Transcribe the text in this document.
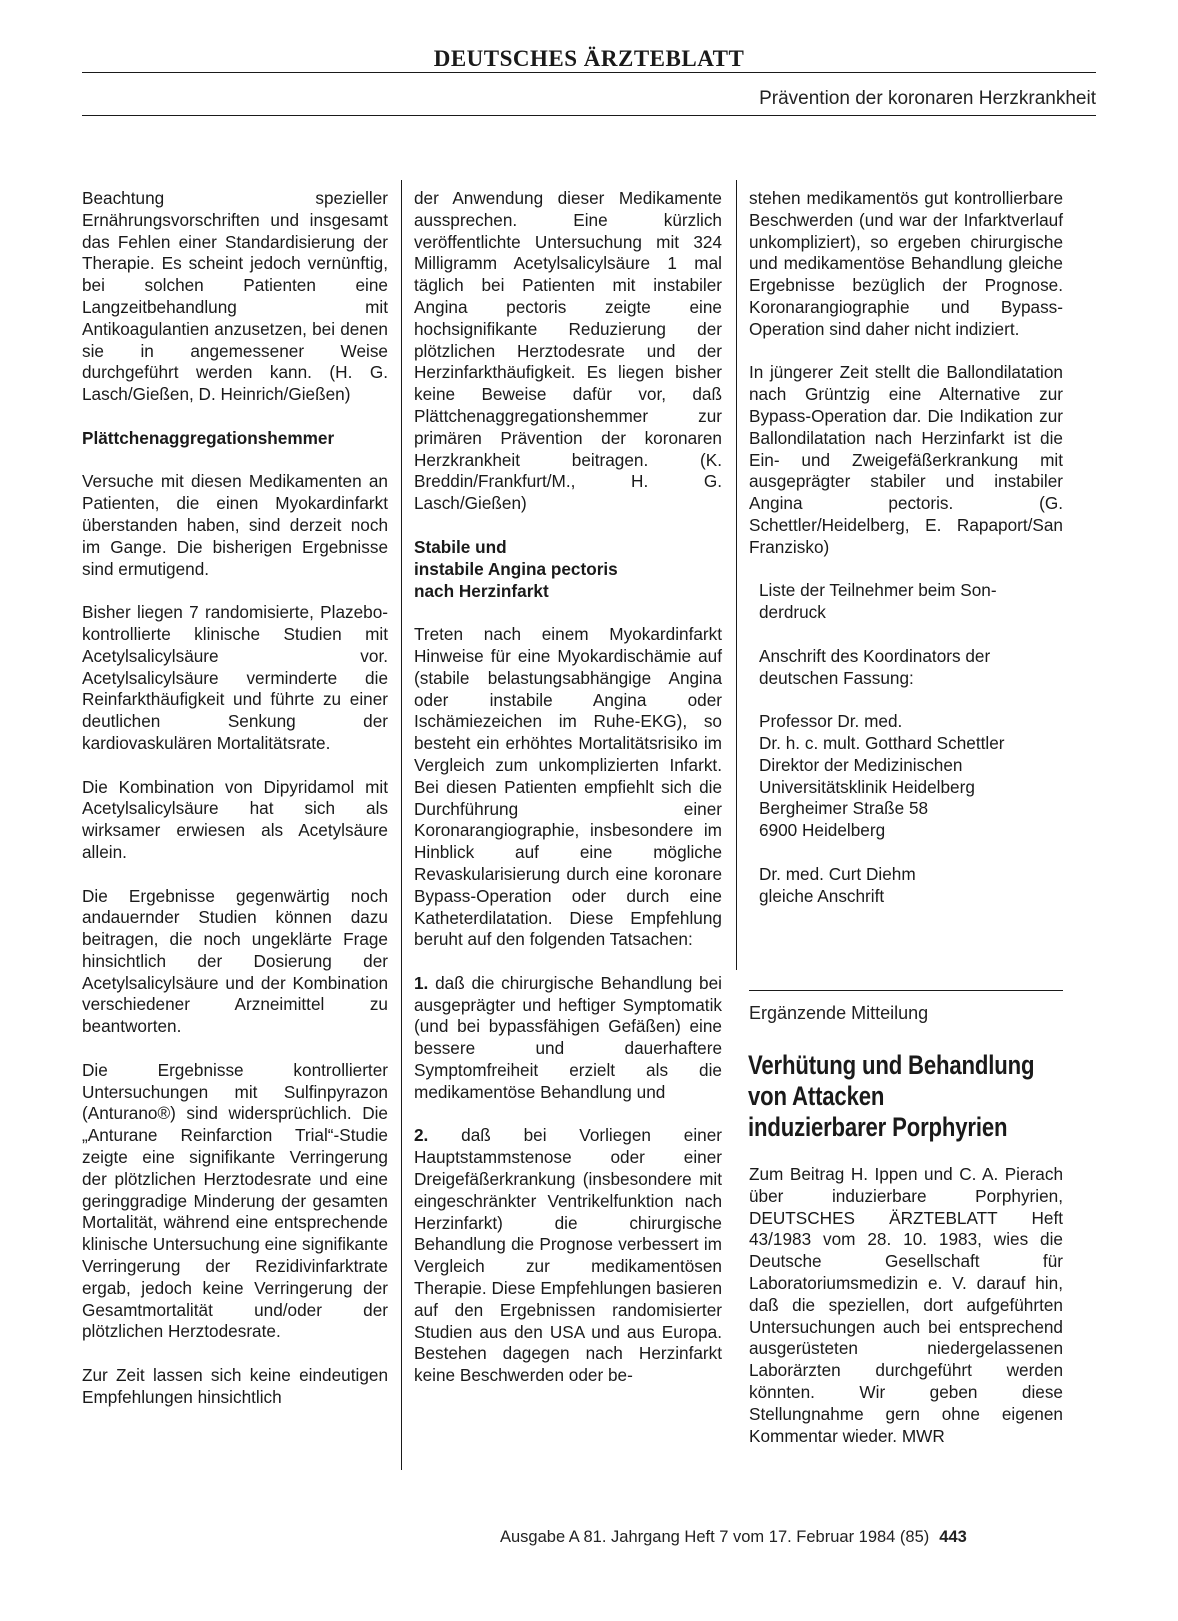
DEUTSCHES ÄRZTEBLATT
Prävention der koronaren Herzkrankheit

Beachtung spezieller Ernährungsvorschriften und insgesamt das Fehlen einer Standardisierung der Therapie. Es scheint jedoch vernünftig, bei solchen Patienten eine Langzeitbehandlung mit Antikoagulantien anzusetzen, bei denen sie in angemessener Weise durchgeführt werden kann. (H. G. Lasch/Gießen, D. Heinrich/Gießen)

Plättchenaggregationshemmer

Versuche mit diesen Medikamenten an Patienten, die einen Myokardinfarkt überstanden haben, sind derzeit noch im Gange. Die bisherigen Ergebnisse sind ermutigend.

Bisher liegen 7 randomisierte, Plazebo-kontrollierte klinische Studien mit Acetylsalicylsäure vor. Acetylsalicylsäure verminderte die Reinfarkthäufigkeit und führte zu einer deutlichen Senkung der kardiovaskulären Mortalitätsrate.

Die Kombination von Dipyridamol mit Acetylsalicylsäure hat sich als wirksamer erwiesen als Acetylsäure allein.

Die Ergebnisse gegenwärtig noch andauernder Studien können dazu beitragen, die noch ungeklärte Frage hinsichtlich der Dosierung der Acetylsalicylsäure und der Kombination verschiedener Arzneimittel zu beantworten.

Die Ergebnisse kontrollierter Untersuchungen mit Sulfinpyrazon (Anturano®) sind widersprüchlich. Die „Anturane Reinfarction Trial“-Studie zeigte eine signifikante Verringerung der plötzlichen Herztodesrate und eine geringgradige Minderung der gesamten Mortalität, während eine entsprechende klinische Untersuchung eine signifikante Verringerung der Rezidivinfarktrate ergab, jedoch keine Verringerung der Gesamtmortalität und/oder der plötzlichen Herztodesrate.

Zur Zeit lassen sich keine eindeutigen Empfehlungen hinsichtlich

der Anwendung dieser Medikamente aussprechen. Eine kürzlich veröffentlichte Untersuchung mit 324 Milligramm Acetylsalicylsäure 1 mal täglich bei Patienten mit instabiler Angina pectoris zeigte eine hochsignifikante Reduzierung der plötzlichen Herztodesrate und der Herzinfarkthäufigkeit. Es liegen bisher keine Beweise dafür vor, daß Plättchenaggregationshemmer zur primären Prävention der koronaren Herzkrankheit beitragen. (K. Breddin/Frankfurt/M., H. G. Lasch/Gießen)

Stabile und
instabile Angina pectoris
nach Herzinfarkt

Treten nach einem Myokardinfarkt Hinweise für eine Myokardischämie auf (stabile belastungsabhängige Angina oder instabile Angina oder Ischämiezeichen im Ruhe-EKG), so besteht ein erhöhtes Mortalitätsrisiko im Vergleich zum unkomplizierten Infarkt. Bei diesen Patienten empfiehlt sich die Durchführung einer Koronarangiographie, insbesondere im Hinblick auf eine mögliche Revaskularisierung durch eine koronare Bypass-Operation oder durch eine Katheterdilatation. Diese Empfehlung beruht auf den folgenden Tatsachen:

1. daß die chirurgische Behandlung bei ausgeprägter und heftiger Symptomatik (und bei bypassfähigen Gefäßen) eine bessere und dauerhaftere Symptomfreiheit erzielt als die medikamentöse Behandlung und

2. daß bei Vorliegen einer Hauptstammstenose oder einer Dreigefäßerkrankung (insbesondere mit eingeschränkter Ventrikelfunktion nach Herzinfarkt) die chirurgische Behandlung die Prognose verbessert im Vergleich zur medikamentösen Therapie. Diese Empfehlungen basieren auf den Ergebnissen randomisierter Studien aus den USA und aus Europa. Bestehen dagegen nach Herzinfarkt keine Beschwerden oder be-

stehen medikamentös gut kontrollierbare Beschwerden (und war der Infarktverlauf unkompliziert), so ergeben chirurgische und medikamentöse Behandlung gleiche Ergebnisse bezüglich der Prognose. Koronarangiographie und Bypass-Operation sind daher nicht indiziert.

In jüngerer Zeit stellt die Ballondilatation nach Grüntzig eine Alternative zur Bypass-Operation dar. Die Indikation zur Ballondilatation nach Herzinfarkt ist die Ein- und Zweigefäßerkrankung mit ausgeprägter stabiler und instabiler Angina pectoris. (G. Schettler/Heidelberg, E. Rapaport/San Franzisko)

Liste der Teilnehmer beim Son-
derdruck

Anschrift des Koordinators der
deutschen Fassung:

Professor Dr. med.
Dr. h. c. mult. Gotthard Schettler
Direktor der Medizinischen
Universitätsklinik Heidelberg
Bergheimer Straße 58
6900 Heidelberg

Dr. med. Curt Diehm
gleiche Anschrift

Ergänzende Mitteilung
Verhütung und Behandlung
von Attacken
induzierbarer Porphyrien
Zum Beitrag H. Ippen und C. A. Pierach über induzierbare Porphyrien, DEUTSCHES ÄRZTEBLATT Heft 43/1983 vom 28. 10. 1983, wies die Deutsche Gesellschaft für Laboratoriumsmedizin e. V. darauf hin, daß die speziellen, dort aufgeführten Untersuchungen auch bei entsprechend ausgerüsteten niedergelassenen Laborärzten durchgeführt werden könnten. Wir geben diese Stellungnahme gern ohne eigenen Kommentar wieder. MWR
Ausgabe A 81. Jahrgang Heft 7 vom 17. Februar 1984 (85) 443
